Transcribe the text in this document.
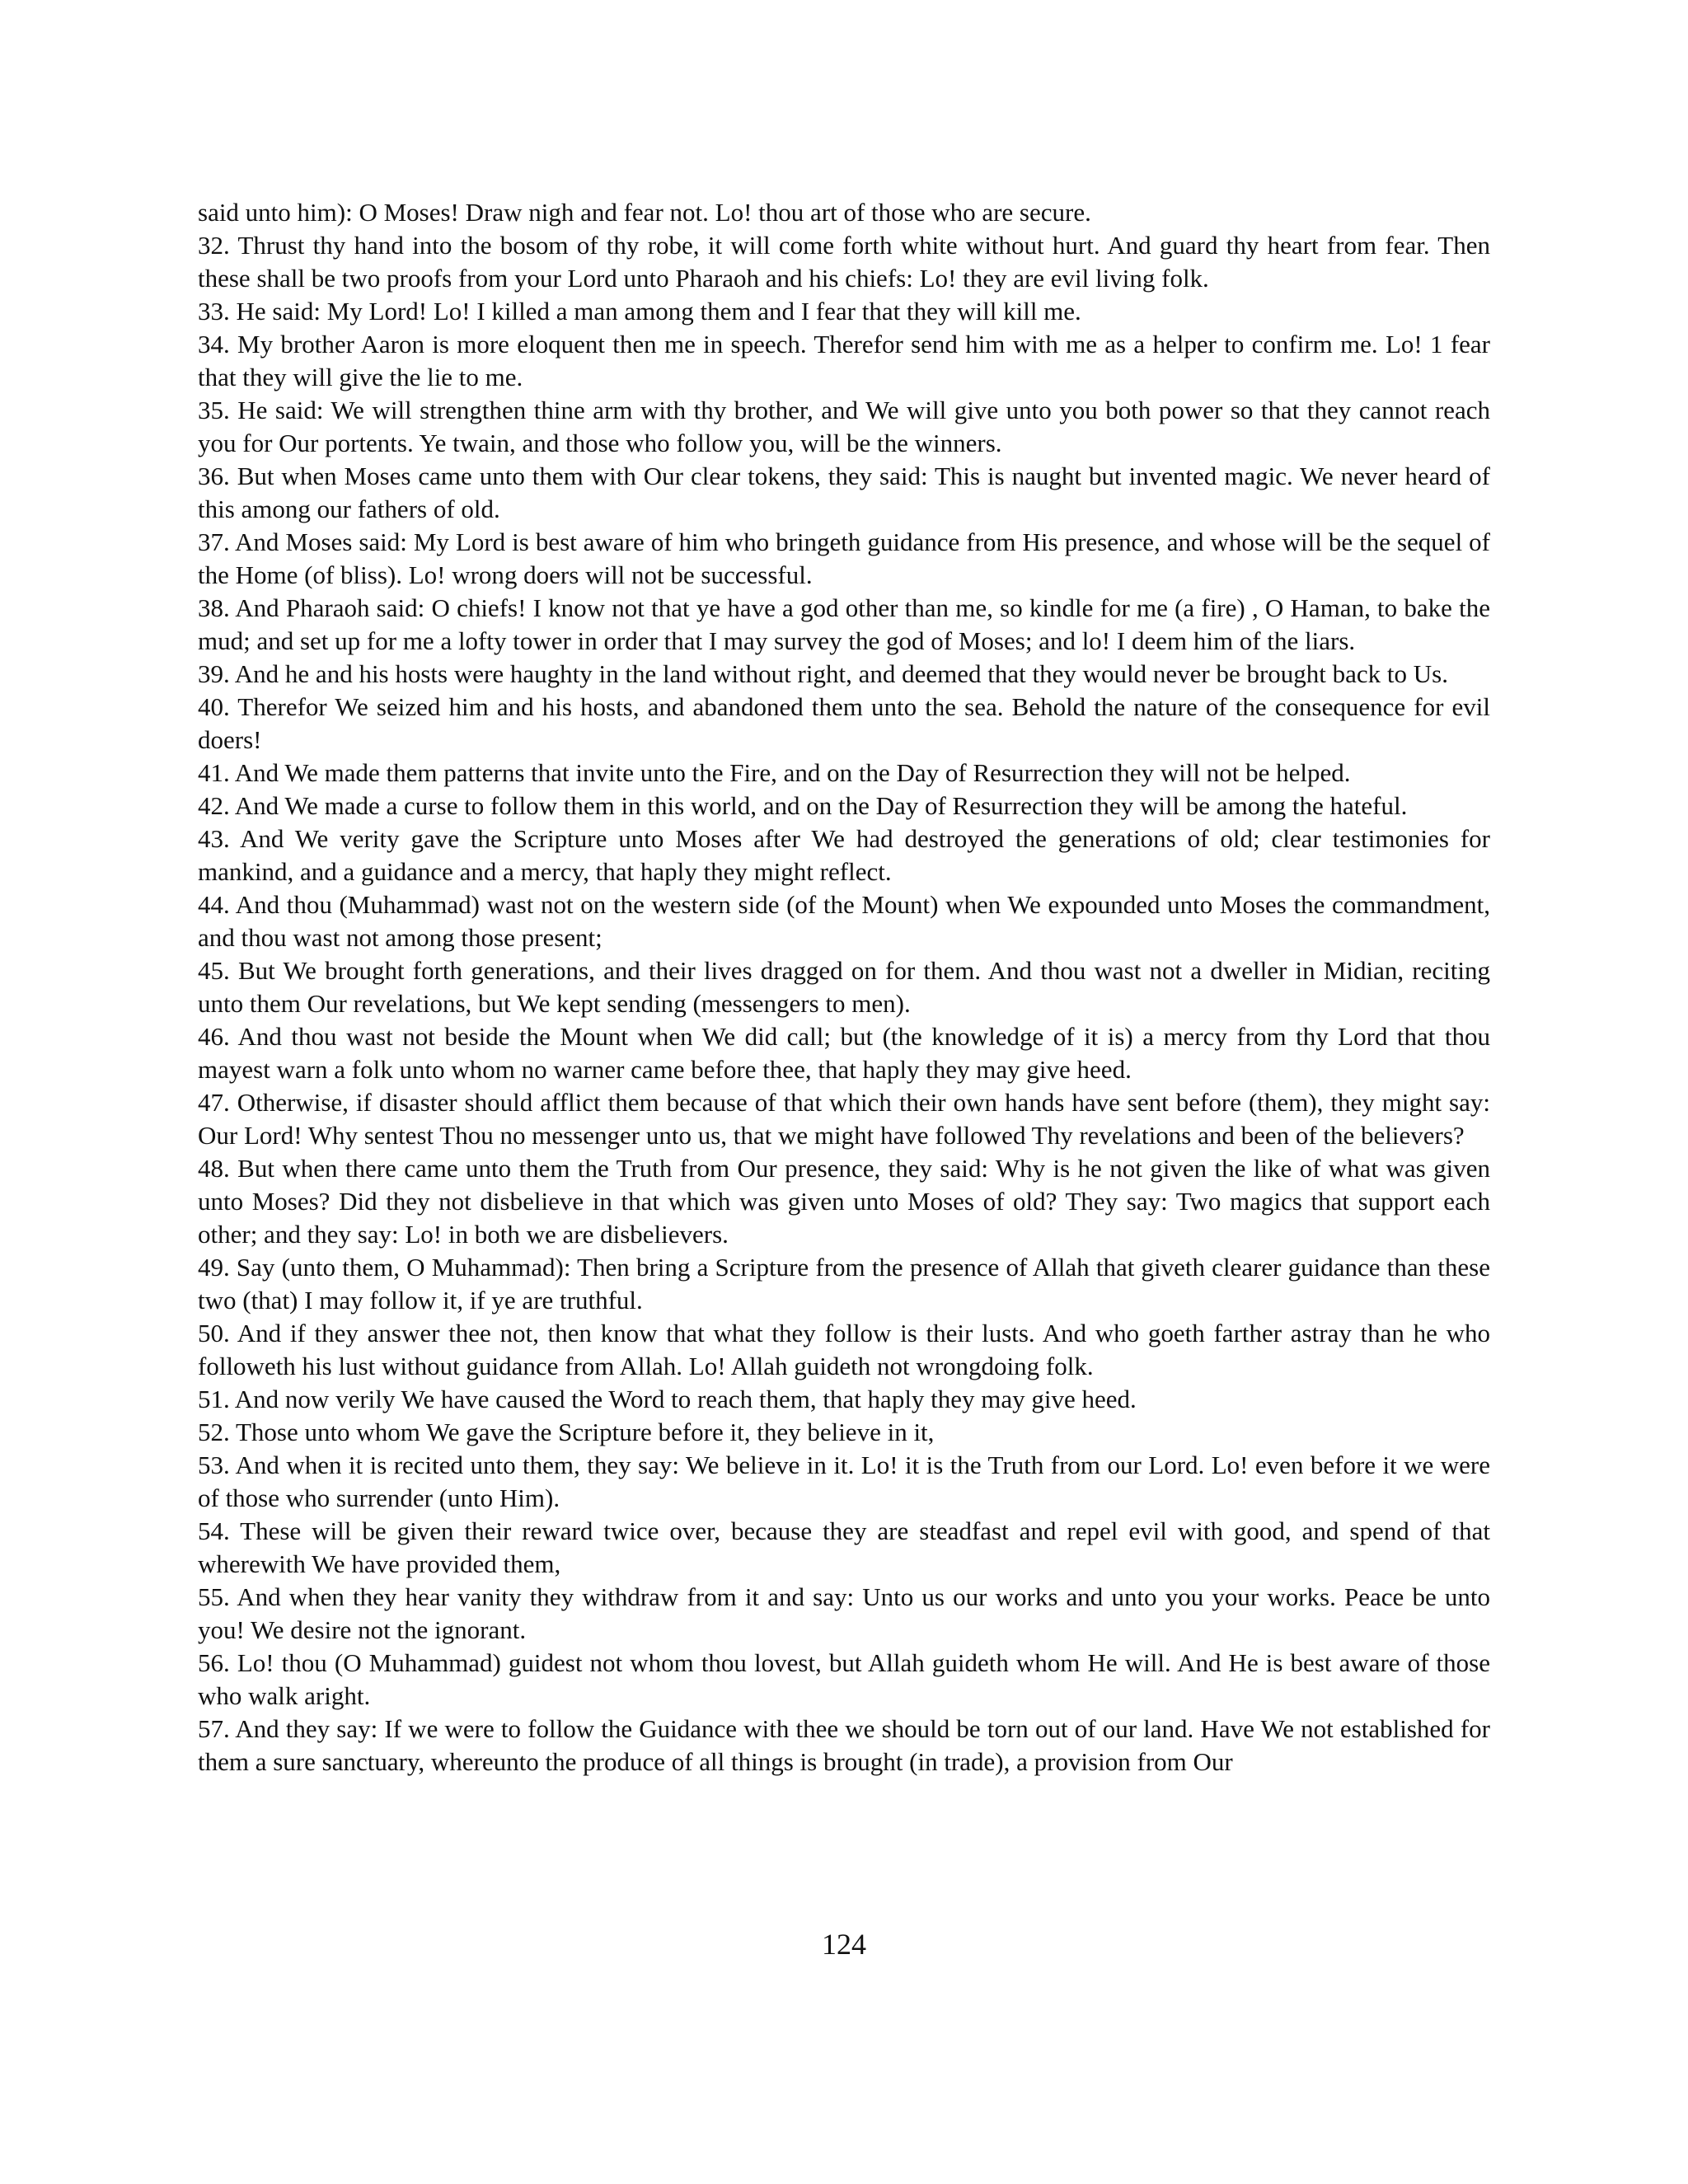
said unto him): O Moses! Draw nigh and fear not. Lo! thou art of those who are secure.

32. Thrust thy hand into the bosom of thy robe, it will come forth white without hurt. And guard thy heart from fear. Then these shall be two proofs from your Lord unto Pharaoh and his chiefs: Lo! they are evil living folk.

33. He said: My Lord! Lo! I killed a man among them and I fear that they will kill me.

34. My brother Aaron is more eloquent then me in speech. Therefor send him with me as a helper to confirm me. Lo! 1 fear that they will give the lie to me.

35. He said: We will strengthen thine arm with thy brother, and We will give unto you both power so that they cannot reach you for Our portents. Ye twain, and those who follow you, will be the winners.

36. But when Moses came unto them with Our clear tokens, they said: This is naught but invented magic. We never heard of this among our fathers of old.

37. And Moses said: My Lord is best aware of him who bringeth guidance from His presence, and whose will be the sequel of the Home (of bliss). Lo! wrong doers will not be successful.

38. And Pharaoh said: O chiefs! I know not that ye have a god other than me, so kindle for me (a fire) , O Haman, to bake the mud; and set up for me a lofty tower in order that I may survey the god of Moses; and lo! I deem him of the liars.

39. And he and his hosts were haughty in the land without right, and deemed that they would never be brought back to Us.

40. Therefor We seized him and his hosts, and abandoned them unto the sea. Behold the nature of the consequence for evil doers!

41. And We made them patterns that invite unto the Fire, and on the Day of Resurrection they will not be helped.

42. And We made a curse to follow them in this world, and on the Day of Resurrection they will be among the hateful.

43. And We verity gave the Scripture unto Moses after We had destroyed the generations of old; clear testimonies for mankind, and a guidance and a mercy, that haply they might reflect.

44. And thou (Muhammad) wast not on the western side (of the Mount) when We expounded unto Moses the commandment, and thou wast not among those present;

45. But We brought forth generations, and their lives dragged on for them. And thou wast not a dweller in Midian, reciting unto them Our revelations, but We kept sending (messengers to men).

46. And thou wast not beside the Mount when We did call; but (the knowledge of it is) a mercy from thy Lord that thou mayest warn a folk unto whom no warner came before thee, that haply they may give heed.

47. Otherwise, if disaster should afflict them because of that which their own hands have sent before (them), they might say: Our Lord! Why sentest Thou no messenger unto us, that we might have followed Thy revelations and been of the believers?

48. But when there came unto them the Truth from Our presence, they said: Why is he not given the like of what was given unto Moses? Did they not disbelieve in that which was given unto Moses of old? They say: Two magics that support each other; and they say: Lo! in both we are disbelievers.

49. Say (unto them, O Muhammad): Then bring a Scripture from the presence of Allah that giveth clearer guidance than these two (that) I may follow it, if ye are truthful.

50. And if they answer thee not, then know that what they follow is their lusts. And who goeth farther astray than he who followeth his lust without guidance from Allah. Lo! Allah guideth not wrongdoing folk.

51. And now verily We have caused the Word to reach them, that haply they may give heed.

52. Those unto whom We gave the Scripture before it, they believe in it,

53. And when it is recited unto them, they say: We believe in it. Lo! it is the Truth from our Lord. Lo! even before it we were of those who surrender (unto Him).

54. These will be given their reward twice over, because they are steadfast and repel evil with good, and spend of that wherewith We have provided them,

55. And when they hear vanity they withdraw from it and say: Unto us our works and unto you your works. Peace be unto you! We desire not the ignorant.

56. Lo! thou (O Muhammad) guidest not whom thou lovest, but Allah guideth whom He will. And He is best aware of those who walk aright.

57. And they say: If we were to follow the Guidance with thee we should be torn out of our land. Have We not established for them a sure sanctuary, whereunto the produce of all things is brought (in trade), a provision from Our

124
